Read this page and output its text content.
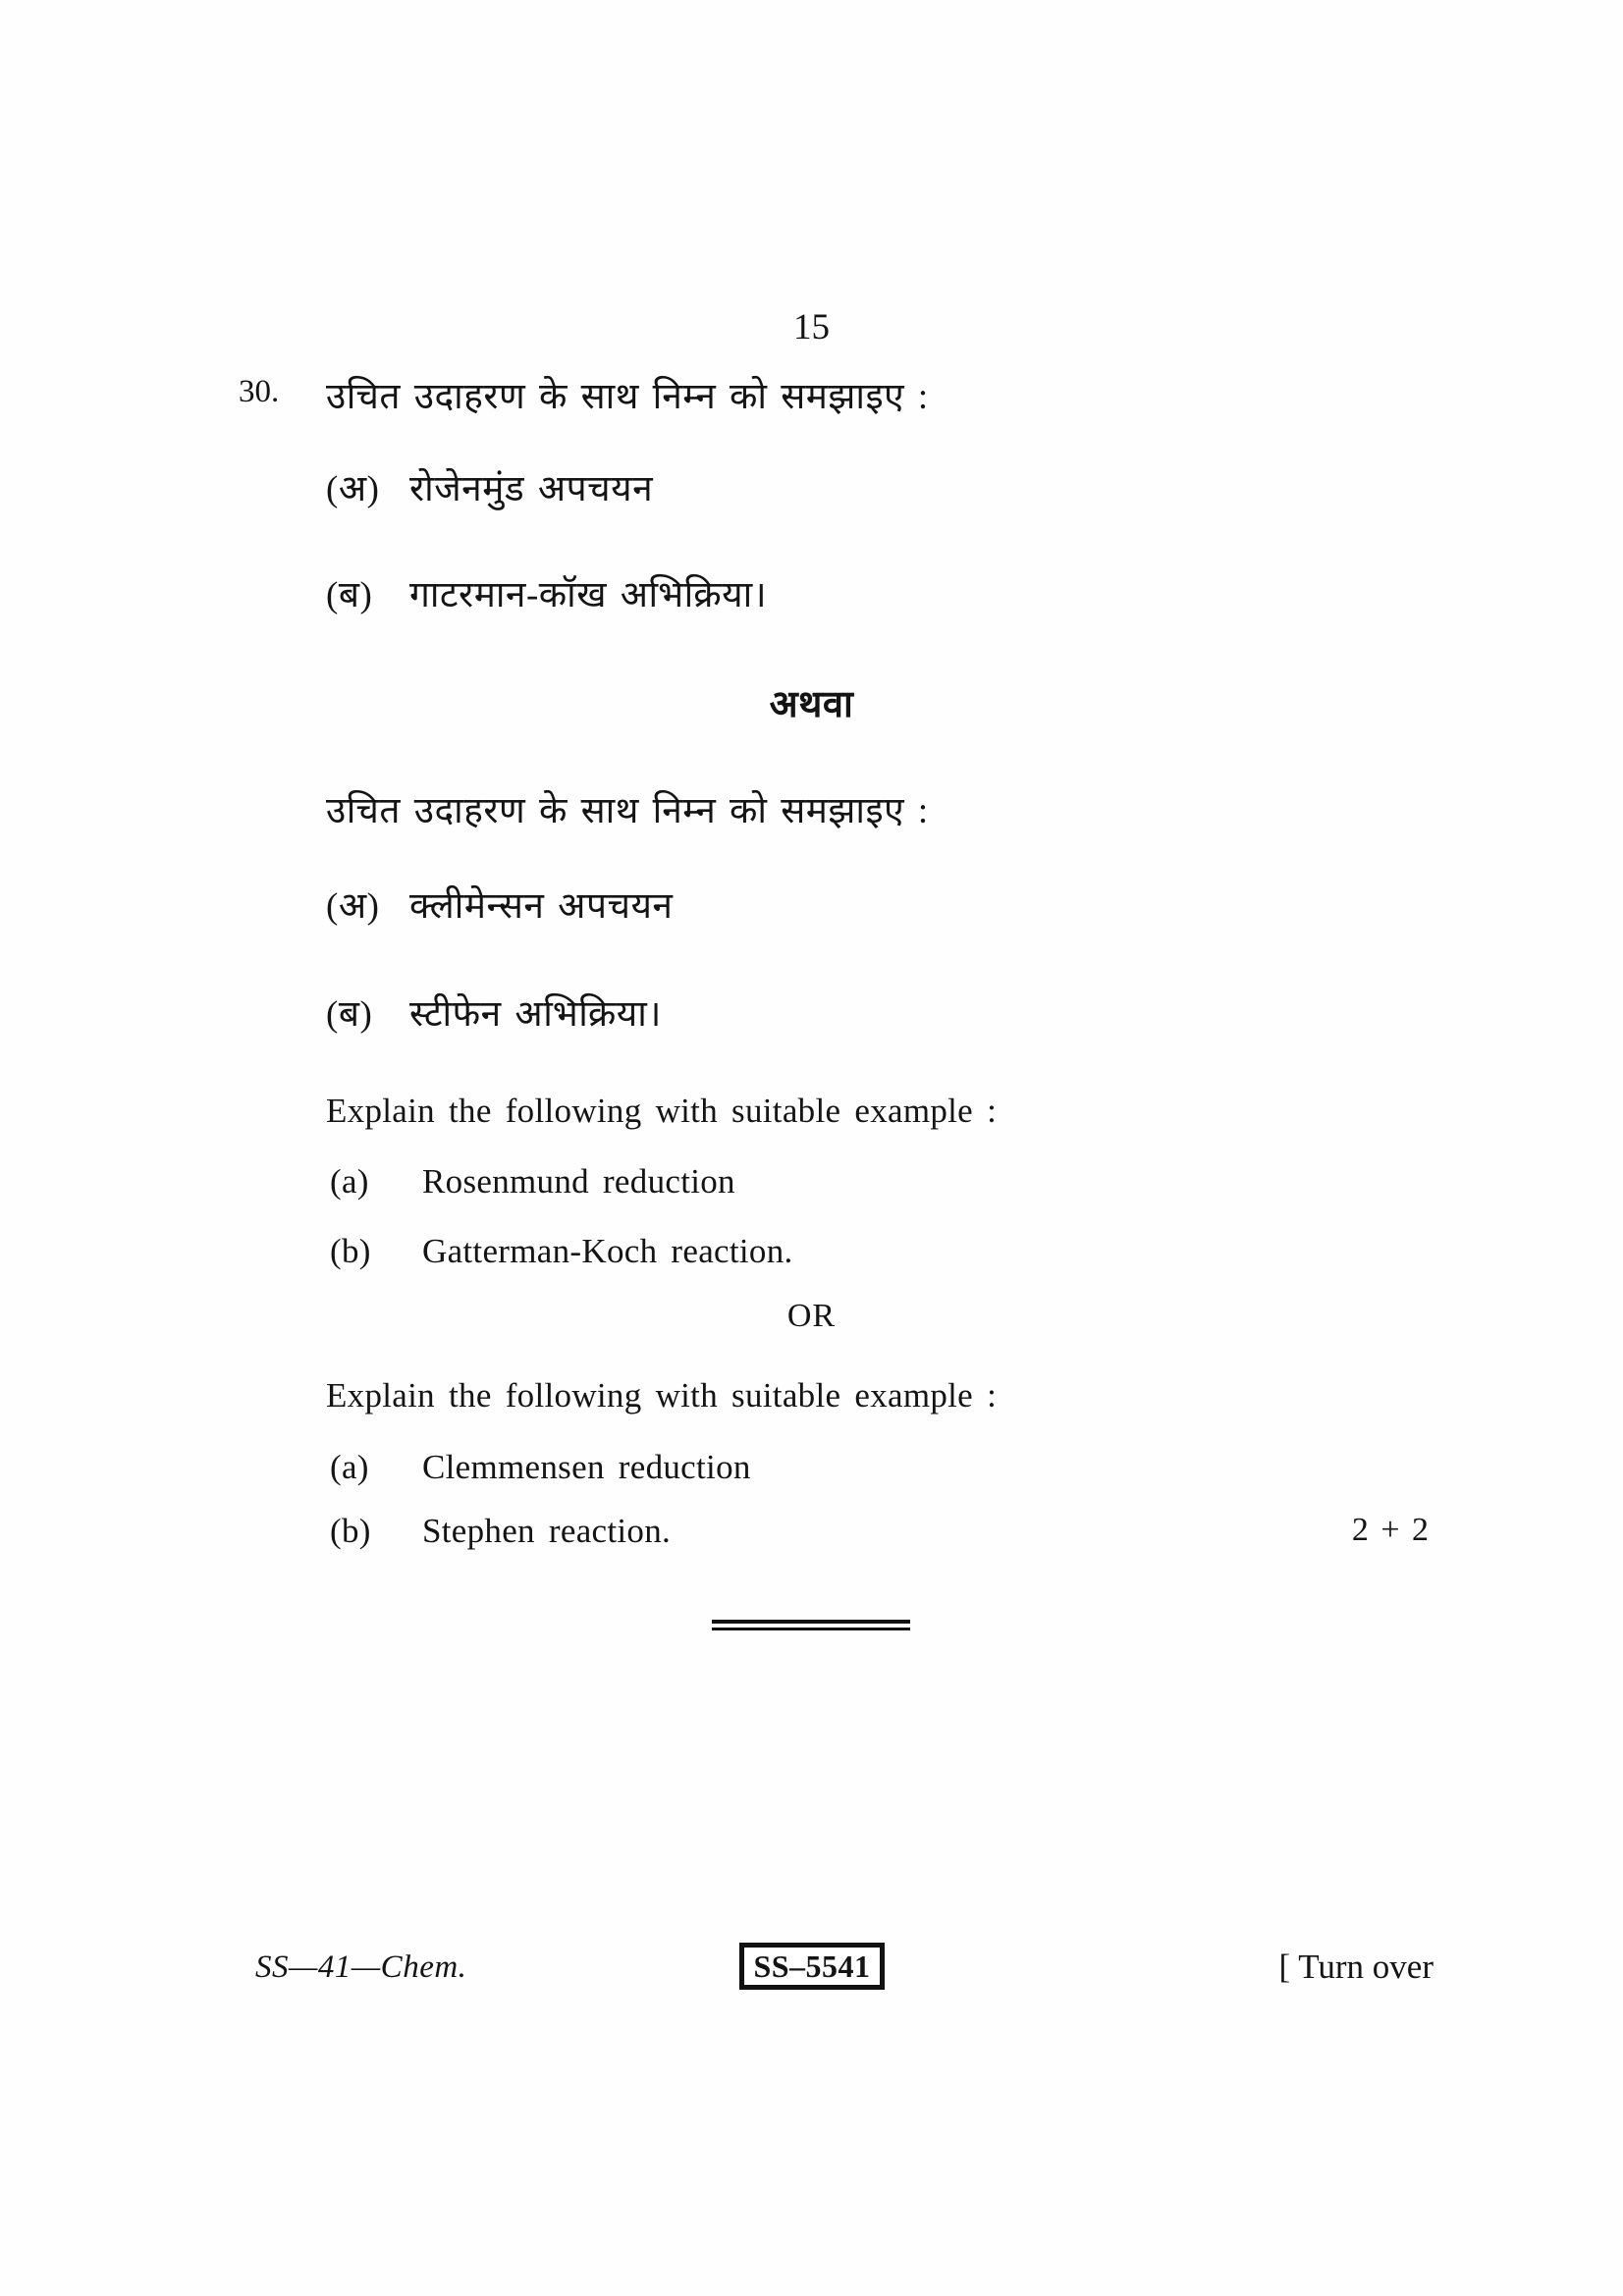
15
30. उचित उदाहरण के साथ निम्न को समझाइए :
(अ) रोजेनमुंड अपचयन
(ब) गाटरमान-कॉख अभिक्रिया।
अथवा
उचित उदाहरण के साथ निम्न को समझाइए :
(अ) क्लीमेन्सन अपचयन
(ब) स्टीफेन अभिक्रिया।
Explain the following with suitable example :
(a) Rosenmund reduction
(b) Gatterman-Koch reaction.
OR
Explain the following with suitable example :
(a) Clemmensen reduction
(b) Stephen reaction.	2 + 2
SS—41—Chem.	SS–5541	[ Turn over
